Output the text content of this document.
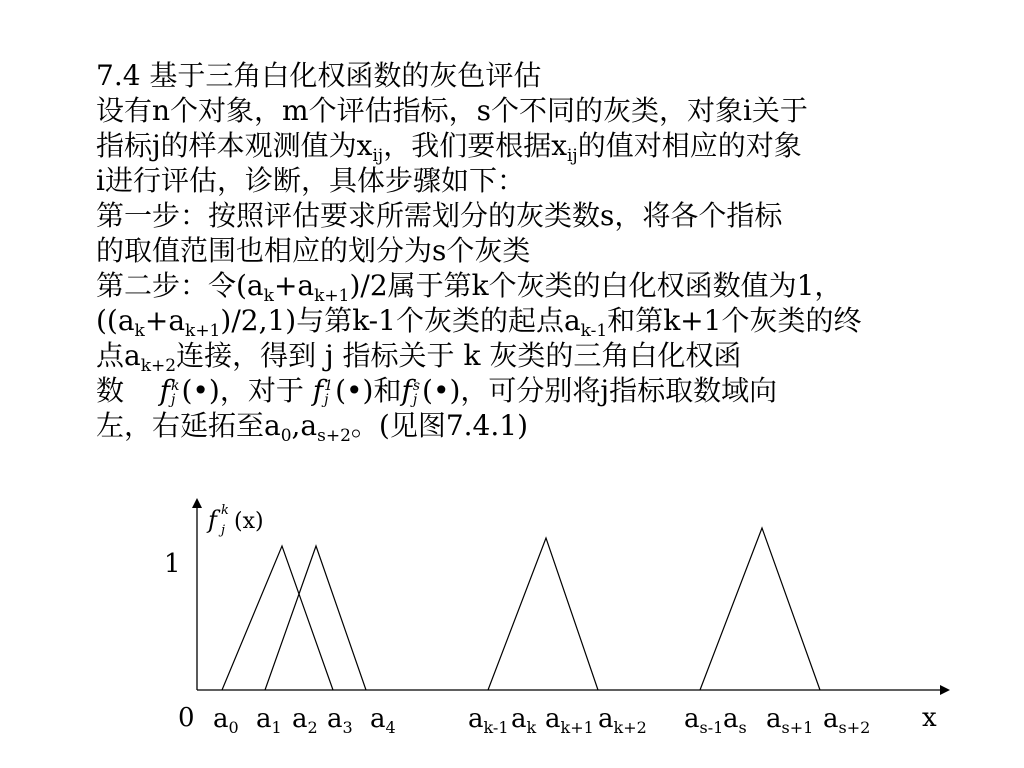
7.4 基于三角白化权函数的灰色评估
设有n个对象，m个评估指标，s个不同的灰类，对象i关于
指标j的样本观测值为$x_{ij}$，我们要根据$x_{ij}$的值对相应的对象
i进行评估，诊断，具体步骤如下：
第一步：按照评估要求所需划分的灰类数s，将各个指标
的取值范围也相应的划分为s个灰类
第二步：令$(a_k+a_{k+1})/2$属于第k个灰类的白化权函数值为1，
$((a_k+a_{k+1})/2,1)$与第k-1个灰类的起点$a_{k-1}$和第k+1个灰类的终
点$a_{k+2}$连接，得到 j 指标关于 k 灰类的三角白化权函
数 f k
j (•)，对于 f 1
j (•)和f s
j (•)，可分别将j指标取数域向
左，右延拓至$a_0,a_{s+2}$。(见图7.4.1)
f k
j (x)
1
0	x
$a_0$ $a_1$ $a_2$ $a_3$ $a_4$	$a_{k-1}$ $a_k$ $a_{k+1}$ $a_{k+2}$ $a_{s-1}$ $a_s$ $a_{s+1}$ $a_{s+2}$
